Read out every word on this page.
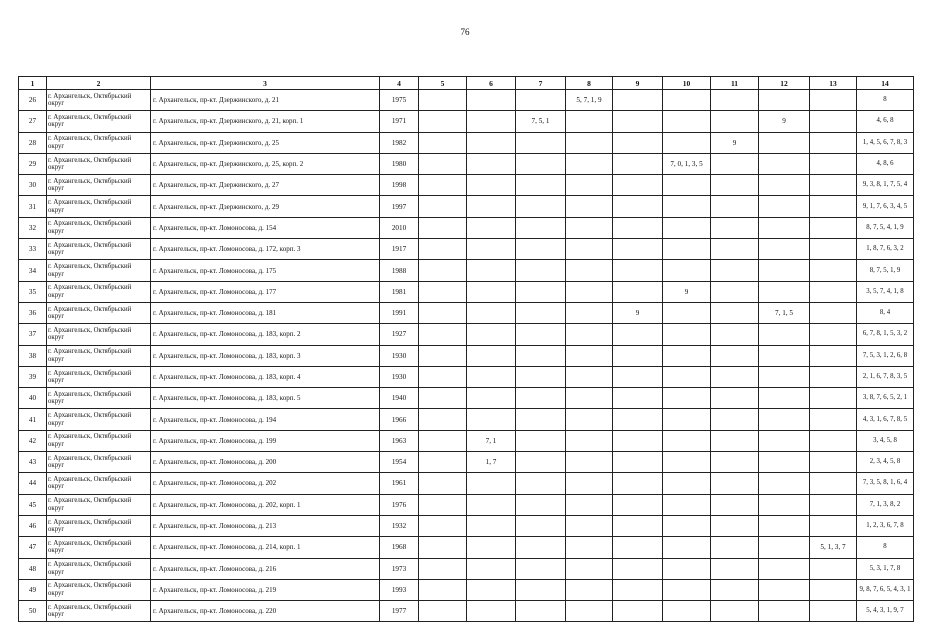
76
1	2	3	4	5	6	7	8	9	10	11	12	13	14
26	г. Архангельск, Октябрьский округ	г. Архангельск, пр-кт. Дзержинского, д. 21	1975				5, 7, 1, 9						8
27	г. Архангельск, Октябрьский округ	г. Архангельск, пр-кт. Дзержинского, д. 21, корп. 1	1971			7, 5, 1					9		4, 6, 8
28	г. Архангельск, Октябрьский округ	г. Архангельск, пр-кт. Дзержинского, д. 25	1982							9			1, 4, 5, 6, 7, 8, 3
29	г. Архангельск, Октябрьский округ	г. Архангельск, пр-кт. Дзержинского, д. 25, корп. 2	1980						7, 0, 1, 3, 5				4, 8, 6
30	г. Архангельск, Октябрьский округ	г. Архангельск, пр-кт. Дзержинского, д. 27	1998										9, 3, 8, 1, 7, 5, 4
31	г. Архангельск, Октябрьский округ	г. Архангельск, пр-кт. Дзержинского, д. 29	1997										9, 1, 7, 6, 3, 4, 5
32	г. Архангельск, Октябрьский округ	г. Архангельск, пр-кт. Ломоносова, д. 154	2010										8, 7, 5, 4, 1, 9
33	г. Архангельск, Октябрьский округ	г. Архангельск, пр-кт. Ломоносова, д. 172, корп. 3	1917										1, 8, 7, 6, 3, 2
34	г. Архангельск, Октябрьский округ	г. Архангельск, пр-кт. Ломоносова, д. 175	1988										8, 7, 5, 1, 9
35	г. Архангельск, Октябрьский округ	г. Архангельск, пр-кт. Ломоносова, д. 177	1981						9				3, 5, 7, 4, 1, 8
36	г. Архангельск, Октябрьский округ	г. Архангельск, пр-кт. Ломоносова, д. 181	1991					9			7, 1, 5		8, 4
37	г. Архангельск, Октябрьский округ	г. Архангельск, пр-кт. Ломоносова, д. 183, корп. 2	1927										6, 7, 8, 1, 5, 3, 2
38	г. Архангельск, Октябрьский округ	г. Архангельск, пр-кт. Ломоносова, д. 183, корп. 3	1930										7, 5, 3, 1, 2, 6, 8
39	г. Архангельск, Октябрьский округ	г. Архангельск, пр-кт. Ломоносова, д. 183, корп. 4	1930										2, 1, 6, 7, 8, 3, 5
40	г. Архангельск, Октябрьский округ	г. Архангельск, пр-кт. Ломоносова, д. 183, корп. 5	1940										3, 8, 7, 6, 5, 2, 1
41	г. Архангельск, Октябрьский округ	г. Архангельск, пр-кт. Ломоносова, д. 194	1966										4, 3, 1, 6, 7, 8, 5
42	г. Архангельск, Октябрьский округ	г. Архангельск, пр-кт. Ломоносова, д. 199	1963		7, 1								3, 4, 5, 8
43	г. Архангельск, Октябрьский округ	г. Архангельск, пр-кт. Ломоносова, д. 200	1954		1, 7								2, 3, 4, 5, 8
44	г. Архангельск, Октябрьский округ	г. Архангельск, пр-кт. Ломоносова, д. 202	1961										7, 3, 5, 8, 1, 6, 4
45	г. Архангельск, Октябрьский округ	г. Архангельск, пр-кт. Ломоносова, д. 202, корп. 1	1976										7, 1, 3, 8, 2
46	г. Архангельск, Октябрьский округ	г. Архангельск, пр-кт. Ломоносова, д. 213	1932										1, 2, 3, 6, 7, 8
47	г. Архангельск, Октябрьский округ	г. Архангельск, пр-кт. Ломоносова, д. 214, корп. 1	1968									5, 1, 3, 7	8
48	г. Архангельск, Октябрьский округ	г. Архангельск, пр-кт. Ломоносова, д. 216	1973										5, 3, 1, 7, 8
49	г. Архангельск, Октябрьский округ	г. Архангельск, пр-кт. Ломоносова, д. 219	1993										9, 8, 7, 6, 5, 4, 3, 1
50	г. Архангельск, Октябрьский округ	г. Архангельск, пр-кт. Ломоносова, д. 220	1977										5, 4, 3, 1, 9, 7
